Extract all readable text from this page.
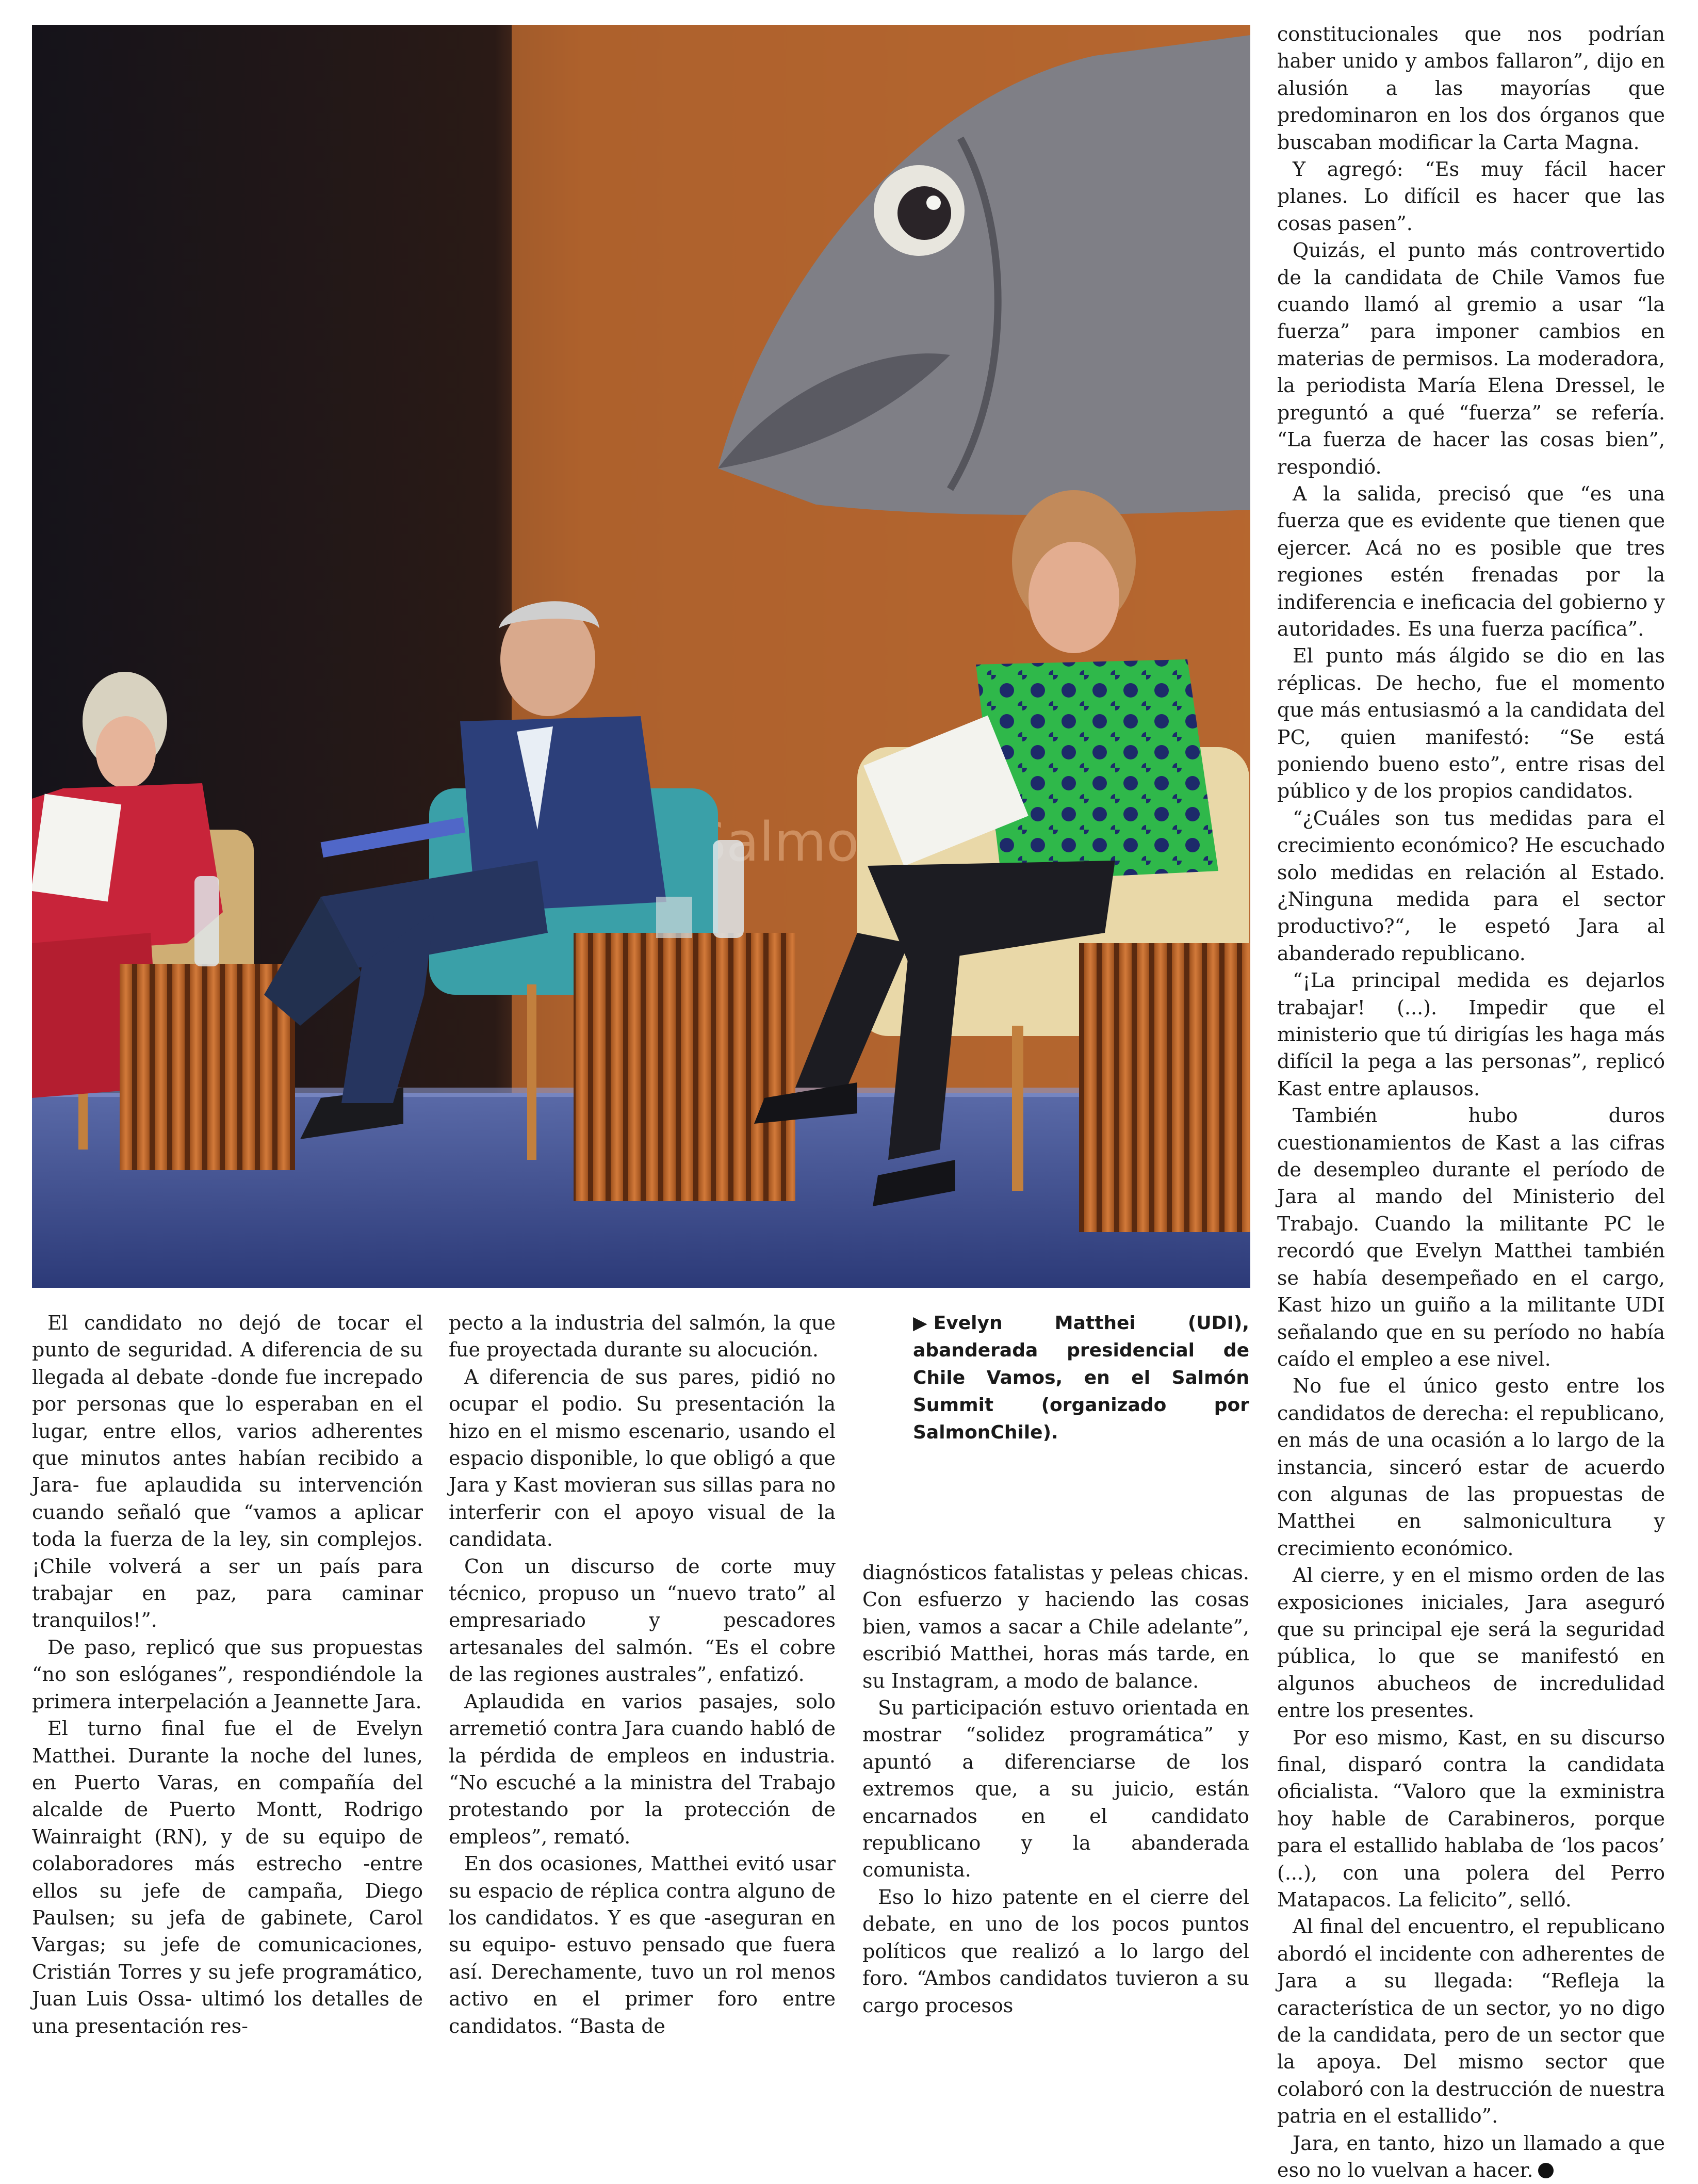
▶ Evelyn Matthei (UDI), abanderada presidencial de Chile Vamos, en el Salmón Summit (organizado por SalmonChile).

El candidato no dejó de tocar el punto de seguridad. A diferencia de su llegada al debate -donde fue increpado por personas que lo esperaban en el lugar, entre ellos, varios adherentes que minutos antes habían recibido a Jara- fue aplaudida su intervención cuando señaló que “vamos a aplicar toda la fuerza de la ley, sin complejos. ¡Chile volverá a ser un país para trabajar en paz, para caminar tranquilos!”.

De paso, replicó que sus propuestas “no son eslóganes”, respondiéndole la primera interpelación a Jeannette Jara.

El turno final fue el de Evelyn Matthei. Durante la noche del lunes, en Puerto Varas, en compañía del alcalde de Puerto Montt, Rodrigo Wainraight (RN), y de su equipo de colaboradores más estrecho -entre ellos su jefe de campaña, Diego Paulsen; su jefa de gabinete, Carol Vargas; su jefe de comunicaciones, Cristián Torres y su jefe programático, Juan Luis Ossa- ultimó los detalles de una presentación res-

pecto a la industria del salmón, la que fue proyectada durante su alocución.

A diferencia de sus pares, pidió no ocupar el podio. Su presentación la hizo en el mismo escenario, usando el espacio disponible, lo que obligó a que Jara y Kast movieran sus sillas para no interferir con el apoyo visual de la candidata.

Con un discurso de corte muy técnico, propuso un “nuevo trato” al empresariado y pescadores artesanales del salmón. “Es el cobre de las regiones australes”, enfatizó.

Aplaudida en varios pasajes, solo arremetió contra Jara cuando habló de la pérdida de empleos en industria. “No escuché a la ministra del Trabajo protestando por la protección de empleos”, remató.

En dos ocasiones, Matthei evitó usar su espacio de réplica contra alguno de los candidatos. Y es que -aseguran en su equipo- estuvo pensado que fuera así. Derechamente, tuvo un rol menos activo en el primer foro entre candidatos. “Basta de

diagnósticos fatalistas y peleas chicas. Con esfuerzo y haciendo las cosas bien, vamos a sacar a Chile adelante”, escribió Matthei, horas más tarde, en su Instagram, a modo de balance.

Su participación estuvo orientada en mostrar “solidez programática” y apuntó a diferenciarse de los extremos que, a su juicio, están encarnados en el candidato republicano y la abanderada comunista.

Eso lo hizo patente en el cierre del debate, en uno de los pocos puntos políticos que realizó a lo largo del foro. “Ambos candidatos tuvieron a su cargo procesos

constitucionales que nos podrían haber unido y ambos fallaron”, dijo en alusión a las mayorías que predominaron en los dos órganos que buscaban modificar la Carta Magna.

Y agregó: “Es muy fácil hacer planes. Lo difícil es hacer que las cosas pasen”.

Quizás, el punto más controvertido de la candidata de Chile Vamos fue cuando llamó al gremio a usar “la fuerza” para imponer cambios en materias de permisos. La moderadora, la periodista María Elena Dressel, le preguntó a qué “fuerza” se refería. “La fuerza de hacer las cosas bien”, respondió.

A la salida, precisó que “es una fuerza que es evidente que tienen que ejercer. Acá no es posible que tres regiones estén frenadas por la indiferencia e ineficacia del gobierno y autoridades. Es una fuerza pacífica”.

El punto más álgido se dio en las réplicas. De hecho, fue el momento que más entusiasmó a la candidata del PC, quien manifestó: “Se está poniendo bueno esto”, entre risas del público y de los propios candidatos.

“¿Cuáles son tus medidas para el crecimiento económico? He escuchado solo medidas en relación al Estado. ¿Ninguna medida para el sector productivo?“, le espetó Jara al abanderado republicano.

“¡La principal medida es dejarlos trabajar! (...). Impedir que el ministerio que tú dirigías les haga más difícil la pega a las personas”, replicó Kast entre aplausos.

También hubo duros cuestionamientos de Kast a las cifras de desempleo durante el período de Jara al mando del Ministerio del Trabajo. Cuando la militante PC le recordó que Evelyn Matthei también se había desempeñado en el cargo, Kast hizo un guiño a la militante UDI señalando que en su período no había caído el empleo a ese nivel.

No fue el único gesto entre los candidatos de derecha: el republicano, en más de una ocasión a lo largo de la instancia, sinceró estar de acuerdo con algunas de las propuestas de Matthei en salmonicultura y crecimiento económico.

Al cierre, y en el mismo orden de las exposiciones iniciales, Jara aseguró que su principal eje será la seguridad pública, lo que se manifestó en algunos abucheos de incredulidad entre los presentes.

Por eso mismo, Kast, en su discurso final, disparó contra la candidata oficialista. “Valoro que la exministra hoy hable de Carabineros, porque para el estallido hablaba de ‘los pacos’ (...), con una polera del Perro Matapacos. La felicito”, selló.

Al final del encuentro, el republicano abordó el incidente con adherentes de Jara a su llegada: “Refleja la característica de un sector, yo no digo de la candidata, pero de un sector que la apoya. Del mismo sector que colaboró con la destrucción de nuestra patria en el estallido”.

Jara, en tanto, hizo un llamado a que eso no lo vuelvan a hacer.
